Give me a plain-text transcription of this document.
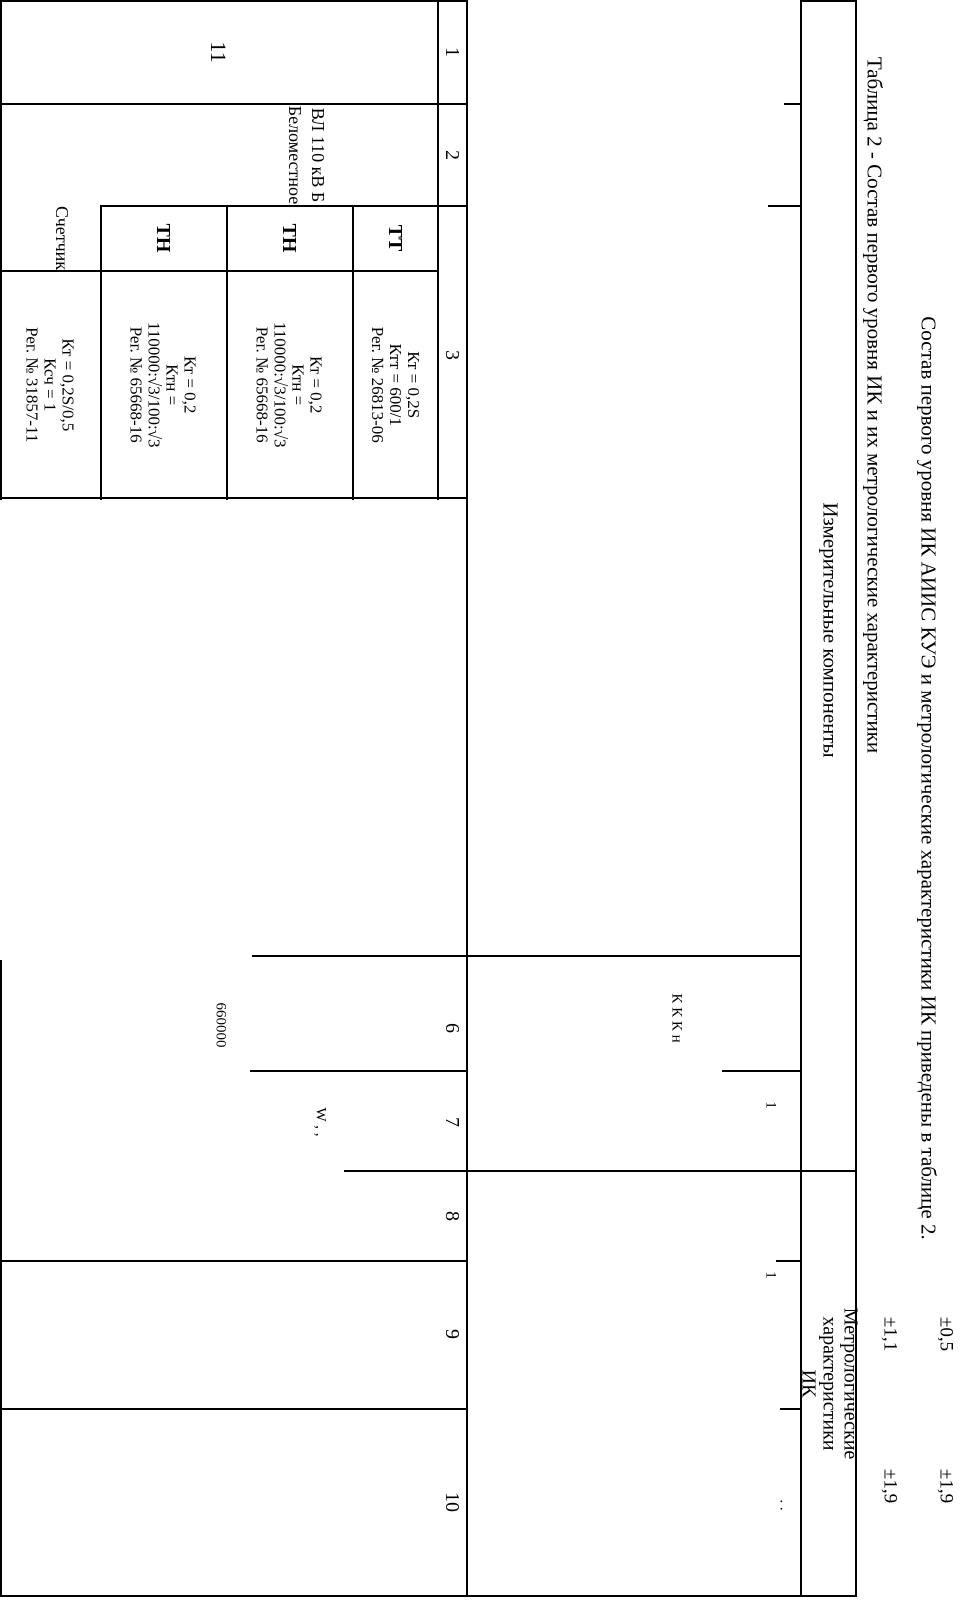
Состав первого уровня ИК АИИС КУЭ и метрологические характеристики ИК приведены в таблице 2.
Таблица 2 - Состав первого уровня ИК и их метрологические характеристики
Измерительные компоненты
Метрологические характеристики ИК
К К К н
1
1
. .
1
2
3
6
7
8
9
10
11
ВЛ 110 кВ Б
Беломестное
ТТ
ТН
ТН
Счетчик
Кт = 0,2S
Ктт = 600/1
Рег. № 26813-06
Кт = 0,2
Ктн =
110000:√3/100:√3
Рег. № 65668-16
Кт = 0,2
Ктн =
110000:√3/100:√3
Рег. № 65668-16
Кт = 0,2S/0,5
Ксч = 1
Рег. № 31857-11
660000
W , ,
±0,5
±1,1
±1,9
±1,9
